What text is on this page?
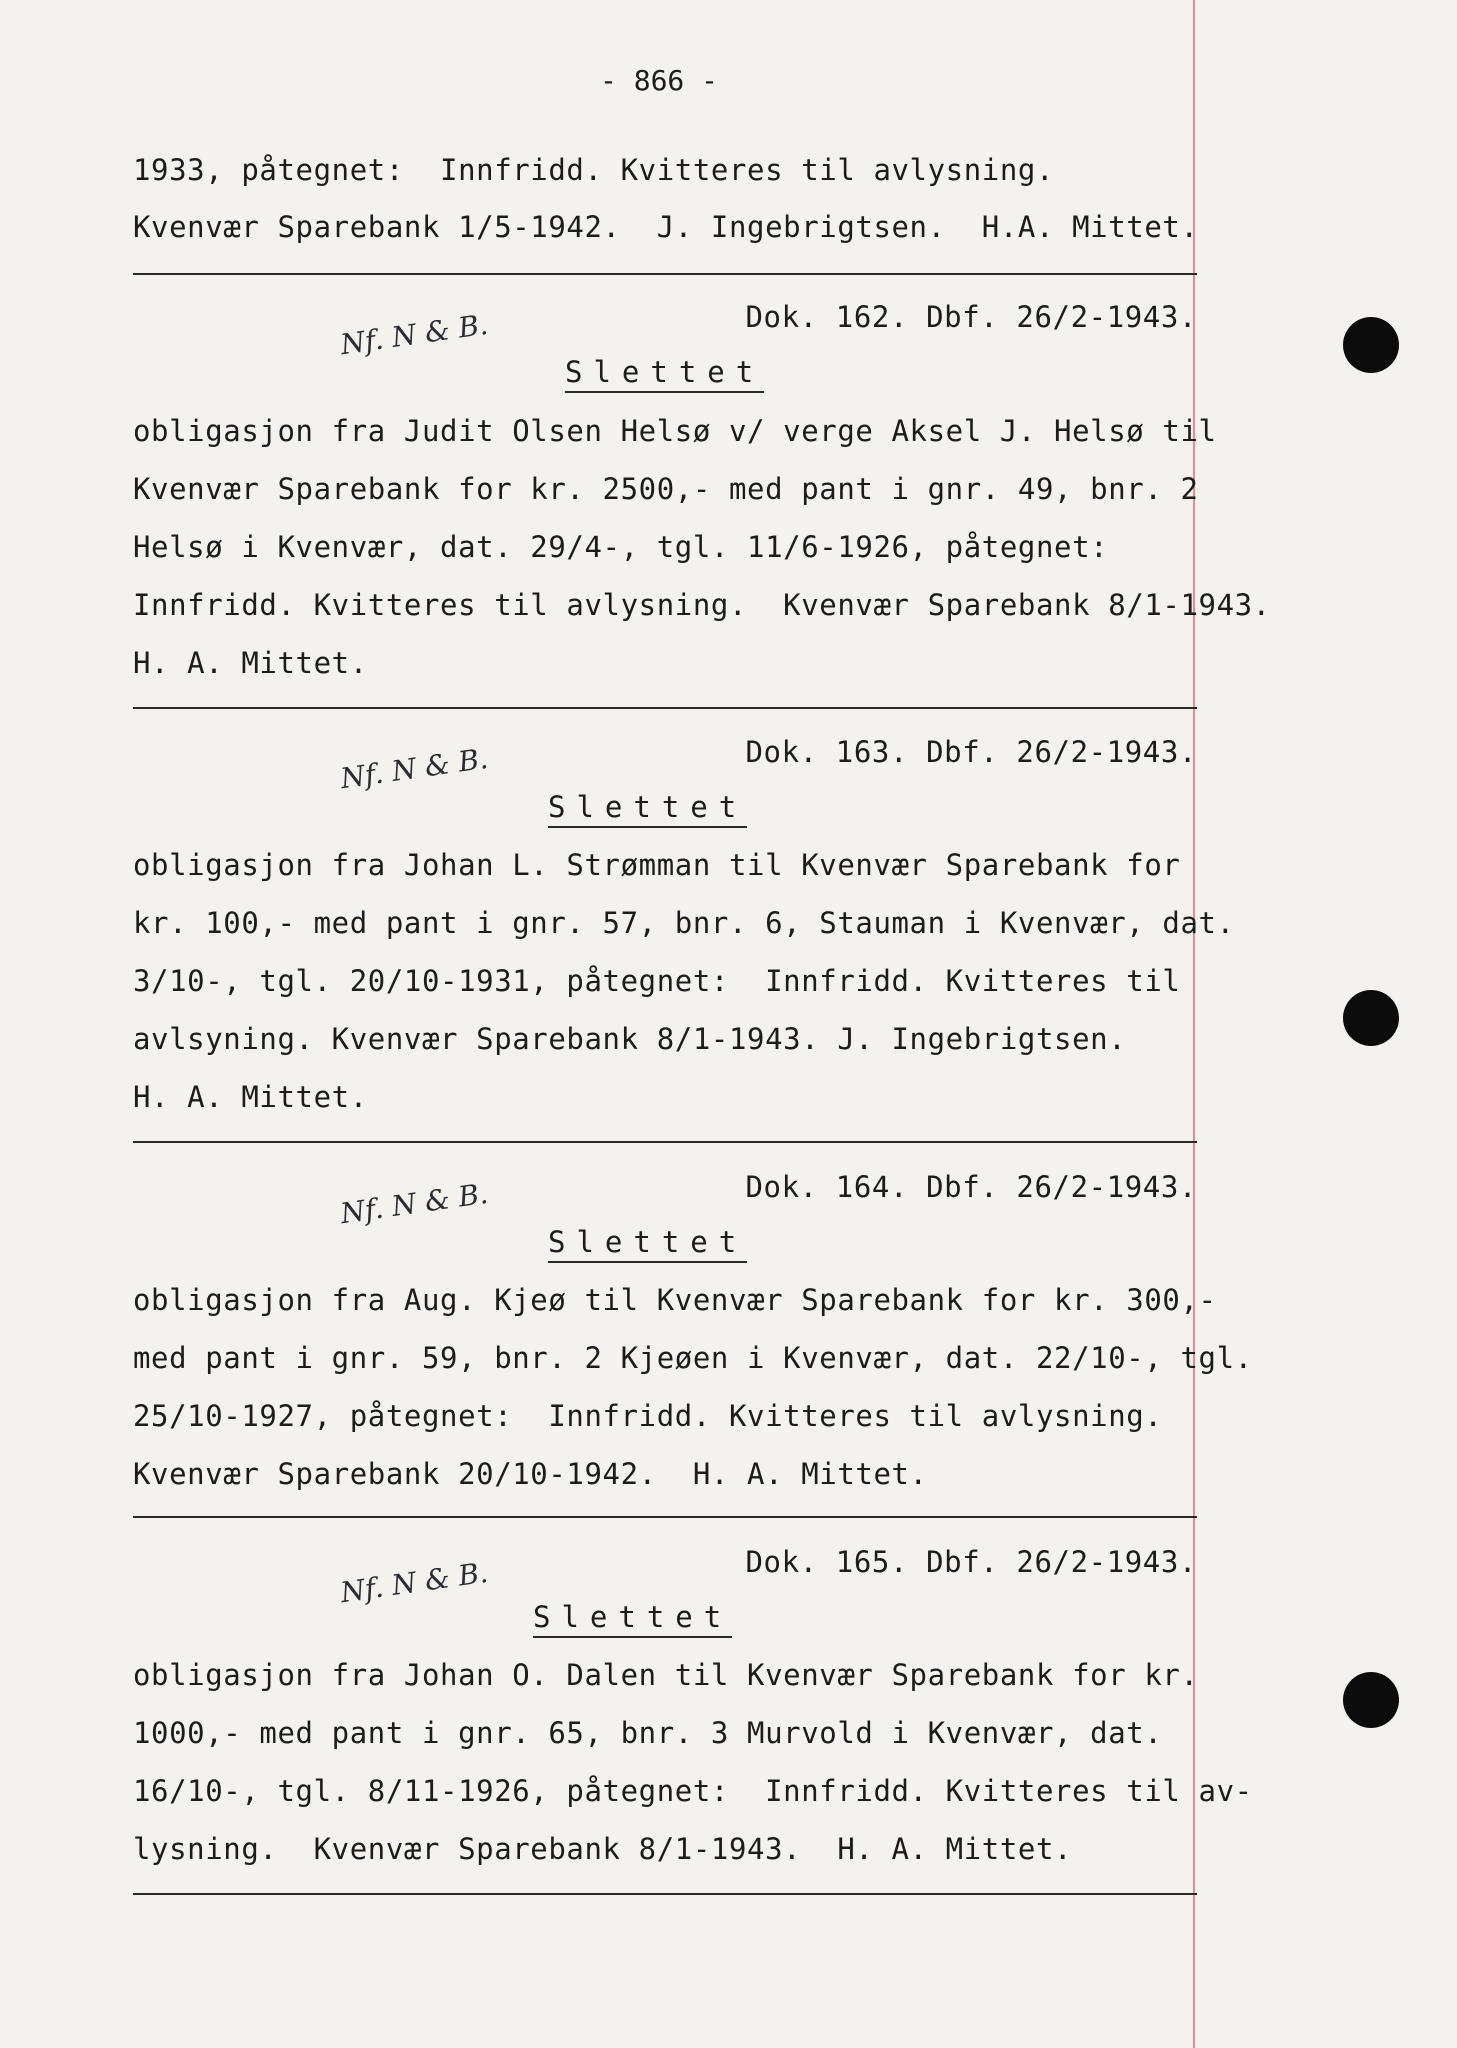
- 866 -
1933, påtegnet:  Innfridd. Kvitteres til avlysning.
Kvenvær Sparebank 1/5-1942.  J. Ingebrigtsen.  H.A. Mittet.
Nf. N & B.	Dok. 162. Dbf. 26/2-1943.
Slettet
obligasjon fra Judit Olsen Helsø v/ verge Aksel J. Helsø til
Kvenvær Sparebank for kr. 2500,- med pant i gnr. 49, bnr. 2
Helsø i Kvenvær, dat. 29/4-, tgl. 11/6-1926, påtegnet:
Innfridd. Kvitteres til avlysning.  Kvenvær Sparebank 8/1-1943.
H. A. Mittet.
Nf. N & B.	Dok. 163. Dbf. 26/2-1943.
Slettet
obligasjon fra Johan L. Strømman til Kvenvær Sparebank for
kr. 100,- med pant i gnr. 57, bnr. 6, Stauman i Kvenvær, dat.
3/10-, tgl. 20/10-1931, påtegnet:  Innfridd. Kvitteres til
avlsyning. Kvenvær Sparebank 8/1-1943. J. Ingebrigtsen.
H. A. Mittet.
Nf. N & B.	Dok. 164. Dbf. 26/2-1943.
Slettet
obligasjon fra Aug. Kjeø til Kvenvær Sparebank for kr. 300,-
med pant i gnr. 59, bnr. 2 Kjeøen i Kvenvær, dat. 22/10-, tgl.
25/10-1927, påtegnet:  Innfridd. Kvitteres til avlysning.
Kvenvær Sparebank 20/10-1942.  H. A. Mittet.
Nf. N & B.	Dok. 165. Dbf. 26/2-1943.
Slettet
obligasjon fra Johan O. Dalen til Kvenvær Sparebank for kr.
1000,- med pant i gnr. 65, bnr. 3 Murvold i Kvenvær, dat.
16/10-, tgl. 8/11-1926, påtegnet:  Innfridd. Kvitteres til av-
lysning.  Kvenvær Sparebank 8/1-1943.  H. A. Mittet.
